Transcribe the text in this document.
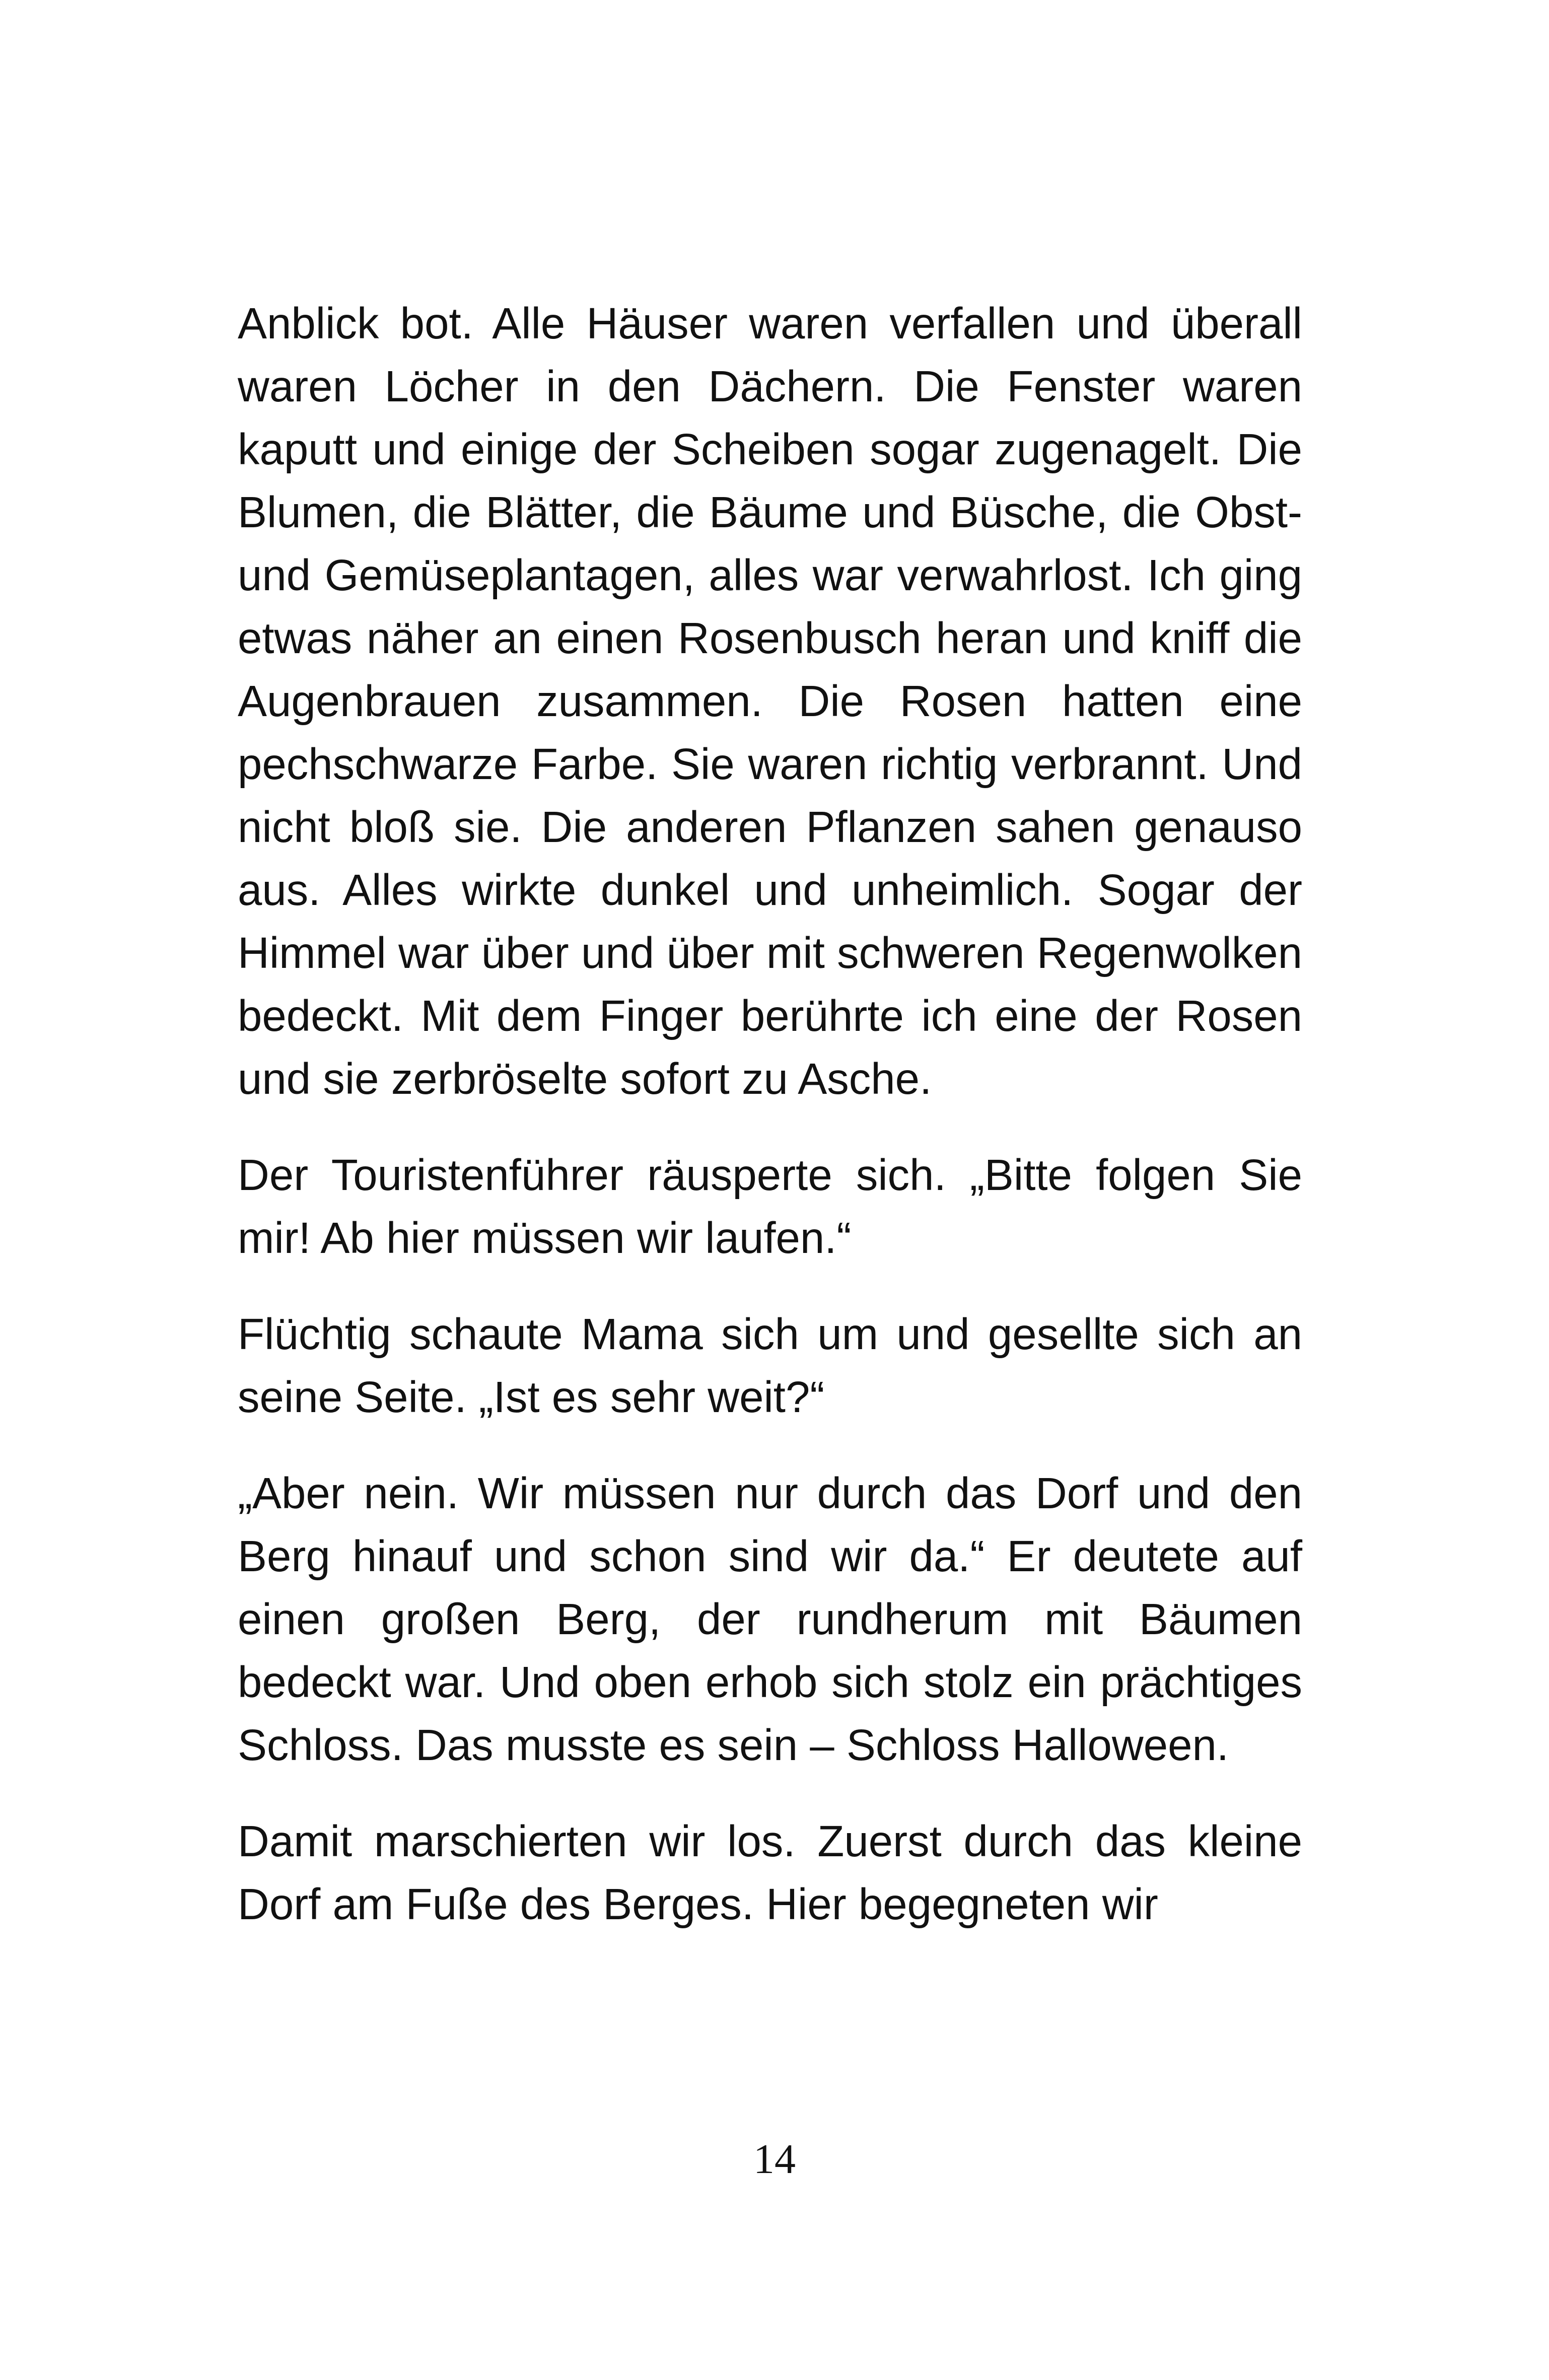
Anblick bot. Alle Häuser waren verfallen und überall waren Löcher in den Dächern. Die Fenster waren kaputt und einige der Scheiben sogar zugenagelt. Die Blumen, die Blätter, die Bäume und Büsche, die Obst- und Gemüseplantagen, alles war verwahrlost. Ich ging etwas näher an einen Rosenbusch heran und kniff die Augenbrauen zusammen. Die Rosen hatten eine pechschwarze Farbe. Sie waren richtig verbrannt. Und nicht bloß sie. Die anderen Pflanzen sahen genauso aus. Alles wirkte dunkel und unheimlich. Sogar der Himmel war über und über mit schweren Regenwolken bedeckt. Mit dem Finger berührte ich eine der Rosen und sie zerbröselte sofort zu Asche.

Der Touristenführer räusperte sich. „Bitte folgen Sie mir! Ab hier müssen wir laufen.“

Flüchtig schaute Mama sich um und gesellte sich an seine Seite. „Ist es sehr weit?“

„Aber nein. Wir müssen nur durch das Dorf und den Berg hinauf und schon sind wir da.“ Er deutete auf einen großen Berg, der rundherum mit Bäumen bedeckt war. Und oben erhob sich stolz ein prächtiges Schloss. Das musste es sein – Schloss Halloween.

Damit marschierten wir los. Zuerst durch das kleine Dorf am Fuße des Berges. Hier begegneten wir

14
